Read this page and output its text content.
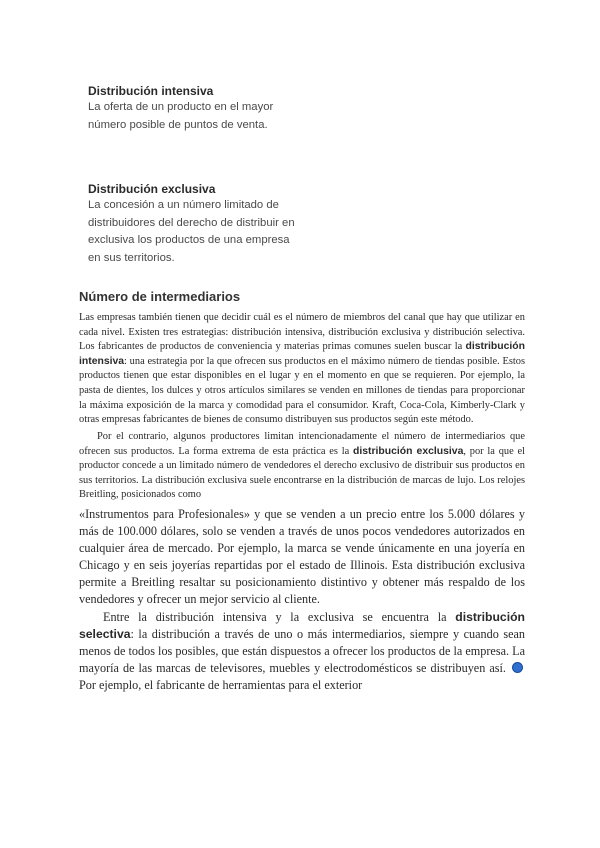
Distribución intensiva

La oferta de un producto en el mayor

número posible de puntos de venta.

Distribución exclusiva

La concesión a un número limitado de

distribuidores del derecho de distribuir en

exclusiva los productos de una empresa

en sus territorios.

Número de intermediarios

Las empresas también tienen que decidir cuál es el número de miembros del canal que hay que utilizar en cada nivel. Existen tres estrategias: distribución intensiva, distribución exclusiva y distribución selectiva. Los fabricantes de productos de conveniencia y materias primas comunes suelen buscar la distribución intensiva: una estrategia por la que ofrecen sus productos en el máximo número de tiendas posible. Estos productos tienen que estar disponibles en el lugar y en el momento en que se requieren. Por ejemplo, la pasta de dientes, los dulces y otros artículos similares se venden en millones de tiendas para proporcionar la máxima exposición de la marca y comodidad para el consumidor. Kraft, Coca-Cola, Kimberly-Clark y otras empresas fabricantes de bienes de consumo distribuyen sus productos según este método.

Por el contrario, algunos productores limitan intencionadamente el número de intermediarios que ofrecen sus productos. La forma extrema de esta práctica es la distribución exclusiva, por la que el productor concede a un limitado número de vendedores el derecho exclusivo de distribuir sus productos en sus territorios. La distribución exclusiva suele encontrarse en la distribución de marcas de lujo. Los relojes Breitling, posicionados como

«Instrumentos para Profesionales» y que se venden a un precio entre los 5.000 dólares y más de 100.000 dólares, solo se venden a través de unos pocos vendedores autorizados en cualquier área de mercado. Por ejemplo, la marca se vende únicamente en una joyería en Chicago y en seis joyerías repartidas por el estado de Illinois. Esta distribución exclusiva permite a Breitling resaltar su posicionamiento distintivo y obtener más respaldo de los vendedores y ofrecer un mejor servicio al cliente.

Entre la distribución intensiva y la exclusiva se encuentra la distribución selectiva: la distribución a través de uno o más intermediarios, siempre y cuando sean menos de todos los posibles, que están dispuestos a ofrecer los productos de la empresa. La mayoría de las marcas de televisores, muebles y electrodomésticos se distribuyen así.  Por ejemplo, el fabricante de herramientas para el exterior
